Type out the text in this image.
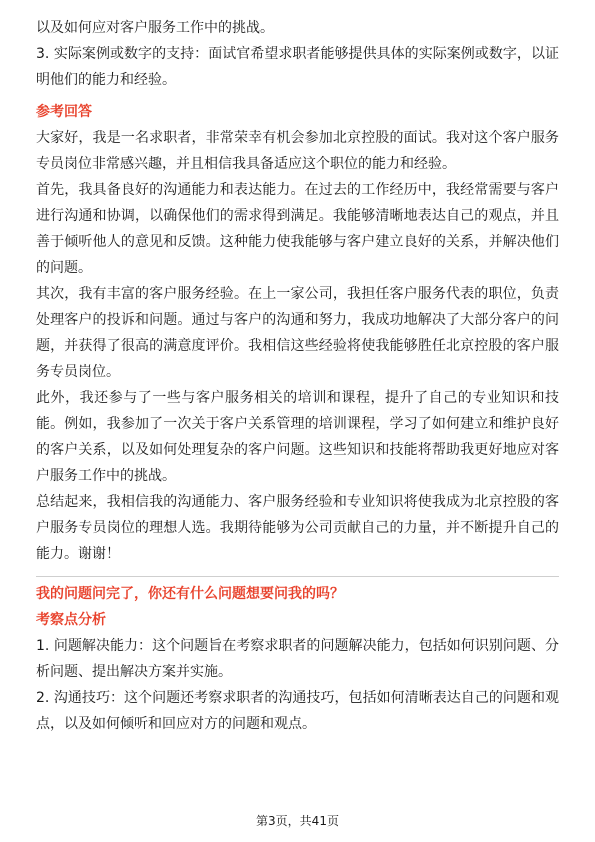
以及如何应对客户服务工作中的挑战。

3. 实际案例或数字的支持：面试官希望求职者能够提供具体的实际案例或数字，以证明他们的能力和经验。

参考回答

大家好，我是一名求职者，非常荣幸有机会参加北京控股的面试。我对这个客户服务专员岗位非常感兴趣，并且相信我具备适应这个职位的能力和经验。

首先，我具备良好的沟通能力和表达能力。在过去的工作经历中，我经常需要与客户进行沟通和协调，以确保他们的需求得到满足。我能够清晰地表达自己的观点，并且善于倾听他人的意见和反馈。这种能力使我能够与客户建立良好的关系，并解决他们的问题。

其次，我有丰富的客户服务经验。在上一家公司，我担任客户服务代表的职位，负责处理客户的投诉和问题。通过与客户的沟通和努力，我成功地解决了大部分客户的问题，并获得了很高的满意度评价。我相信这些经验将使我能够胜任北京控股的客户服务专员岗位。

此外，我还参与了一些与客户服务相关的培训和课程，提升了自己的专业知识和技能。例如，我参加了一次关于客户关系管理的培训课程，学习了如何建立和维护良好的客户关系，以及如何处理复杂的客户问题。这些知识和技能将帮助我更好地应对客户服务工作中的挑战。

总结起来，我相信我的沟通能力、客户服务经验和专业知识将使我成为北京控股的客户服务专员岗位的理想人选。我期待能够为公司贡献自己的力量，并不断提升自己的能力。谢谢！

我的问题问完了，你还有什么问题想要问我的吗？

考察点分析

1. 问题解决能力：这个问题旨在考察求职者的问题解决能力，包括如何识别问题、分析问题、提出解决方案并实施。

2. 沟通技巧：这个问题还考察求职者的沟通技巧，包括如何清晰表达自己的问题和观点，以及如何倾听和回应对方的问题和观点。

第3页，共41页
